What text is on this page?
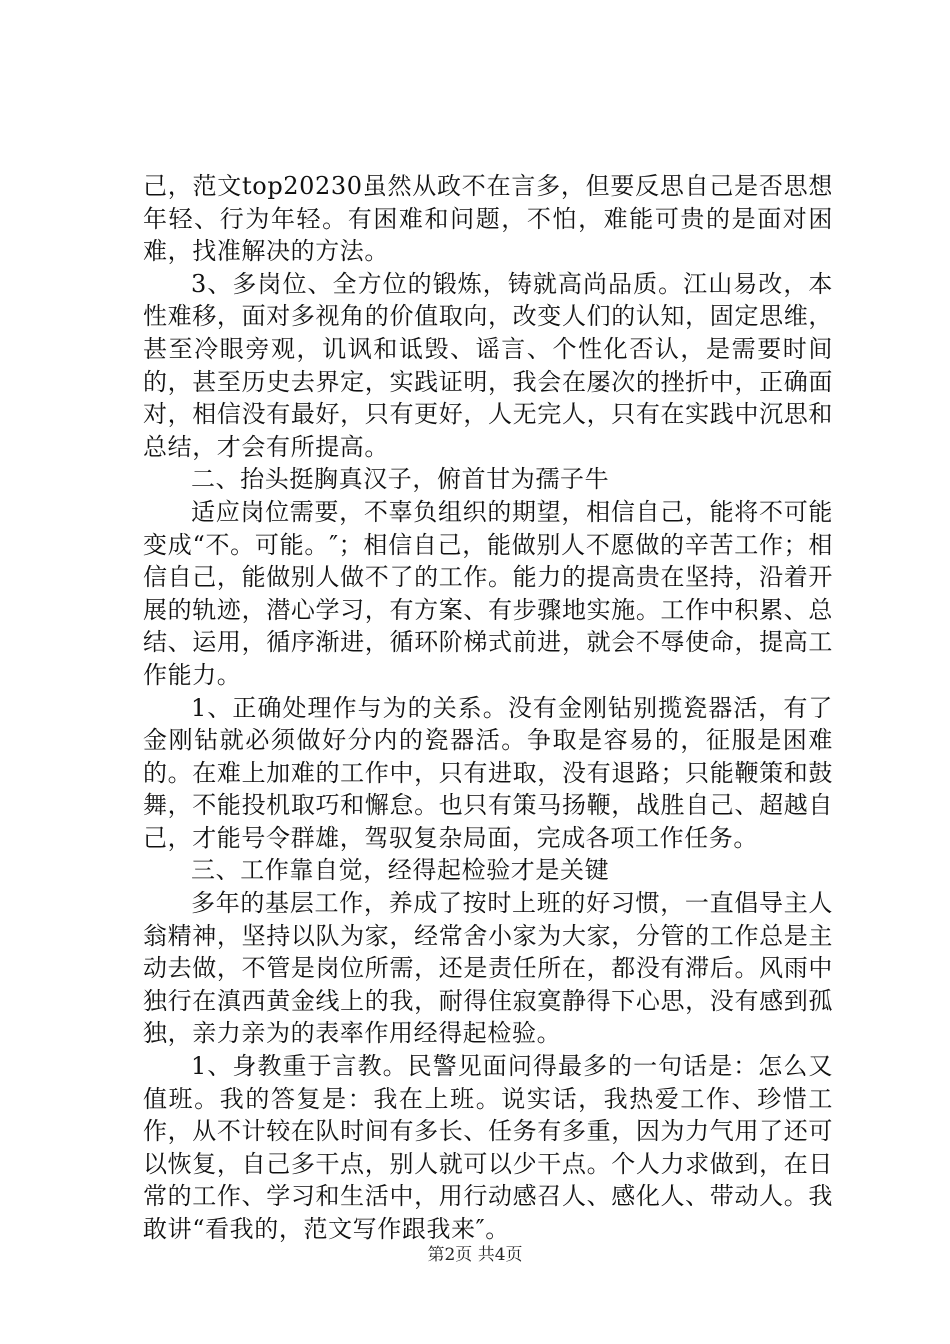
己，范文top20230虽然从政不在言多，但要反思自己是否思想年轻、行为年轻。有困难和问题，不怕，难能可贵的是面对困难，找准解决的方法。

3、多岗位、全方位的锻炼，铸就高尚品质。江山易改，本性难移，面对多视角的价值取向，改变人们的认知，固定思维，甚至冷眼旁观，讥讽和诋毁、谣言、个性化否认，是需要时间的，甚至历史去界定，实践证明，我会在屡次的挫折中，正确面对，相信没有最好，只有更好，人无完人，只有在实践中沉思和总结，才会有所提高。

二、抬头挺胸真汉子，俯首甘为孺子牛

适应岗位需要，不辜负组织的期望，相信自己，能将不可能变成“不。可能。″；相信自己，能做别人不愿做的辛苦工作；相信自己，能做别人做不了的工作。能力的提高贵在坚持，沿着开展的轨迹，潜心学习，有方案、有步骤地实施。工作中积累、总结、运用，循序渐进，循环阶梯式前进，就会不辱使命，提高工作能力。

1、正确处理作与为的关系。没有金刚钻别揽瓷器活，有了金刚钻就必须做好分内的瓷器活。争取是容易的，征服是困难的。在难上加难的工作中，只有进取，没有退路；只能鞭策和鼓舞，不能投机取巧和懈怠。也只有策马扬鞭，战胜自己、超越自己，才能号令群雄，驾驭复杂局面，完成各项工作任务。

三、工作靠自觉，经得起检验才是关键

多年的基层工作，养成了按时上班的好习惯，一直倡导主人翁精神，坚持以队为家，经常舍小家为大家，分管的工作总是主动去做，不管是岗位所需，还是责任所在，都没有滞后。风雨中独行在滇西黄金线上的我，耐得住寂寞静得下心思，没有感到孤独，亲力亲为的表率作用经得起检验。

1、身教重于言教。民警见面问得最多的一句话是：怎么又值班。我的答复是：我在上班。说实话，我热爱工作、珍惜工作，从不计较在队时间有多长、任务有多重，因为力气用了还可以恢复，自己多干点，别人就可以少干点。个人力求做到，在日常的工作、学习和生活中，用行动感召人、感化人、带动人。我敢讲“看我的，范文写作跟我来″。

第2页 共4页
